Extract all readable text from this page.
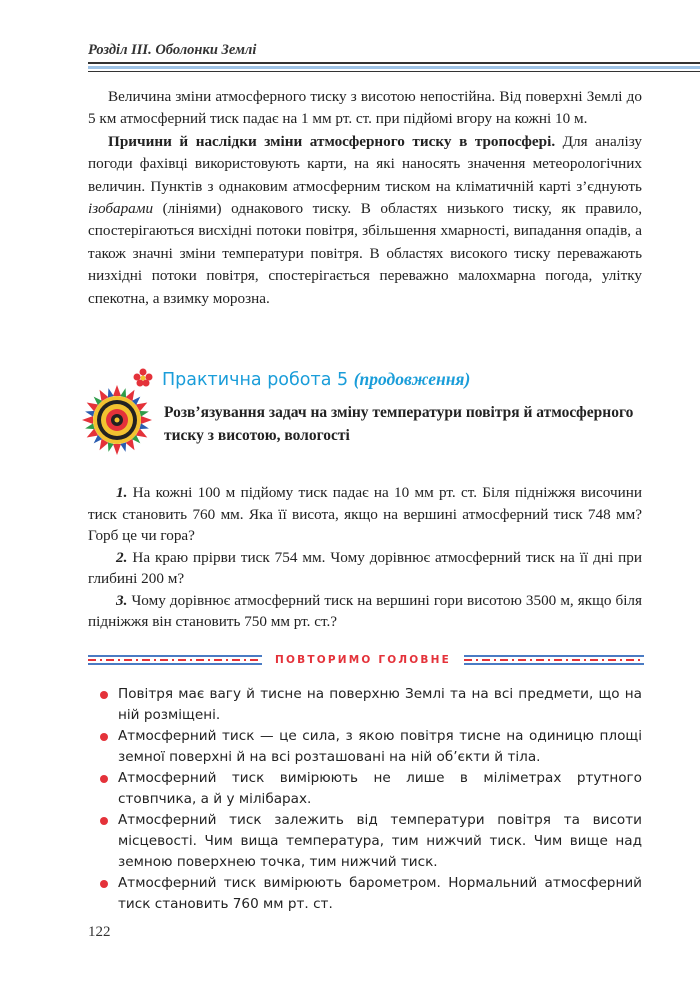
Розділ III. Оболонки Землі

Величина зміни атмосферного тиску з висотою непостійна. Від поверхні Землі до 5 км атмосферний тиск падає на 1 мм рт. ст. при підйомі вгору на кожні 10 м.

Причини й наслідки зміни атмосферного тиску в тропосфері. Для аналізу погоди фахівці використовують карти, на які наносять значення метеорологічних величин. Пунктів з однаковим атмосферним тиском на кліматичній карті з’єднують ізобарами (лініями) однакового тиску. В областях низького тиску, як правило, спостерігаються висхідні потоки повітря, збільшення хмарності, випадання опадів, а також значні зміни температури повітря. В областях високого тиску переважають низхідні потоки повітря, спостерігається переважно малохмарна погода, улітку спекотна, а взимку морозна.

Практична робота 5 (продовження)
Розв’язування задач на зміну температури повітря й атмосферного тиску з висотою, вологості

1. На кожні 100 м підйому тиск падає на 10 мм рт. ст. Біля підніжжя височини тиск становить 760 мм. Яка її висота, якщо на вершині атмосферний тиск 748 мм? Горб це чи гора?

2. На краю прірви тиск 754 мм. Чому дорівнює атмосферний тиск на її дні при глибині 200 м?

3. Чому дорівнює атмосферний тиск на вершині гори висотою 3500 м, якщо біля підніжжя він становить 750 мм рт. ст.?

ПОВТОРИМО ГОЛОВНЕ
Повітря має вагу й тисне на поверхню Землі та на всі предмети, що на ній розміщені.
Атмосферний тиск — це сила, з якою повітря тисне на одиницю площі земної поверхні й на всі розташовані на ній об’єкти й тіла.
Атмосферний тиск вимірюють не лише в міліметрах ртутного стовпчика, а й у мілібарах.
Атмосферний тиск залежить від температури повітря та висоти місцевості. Чим вища температура, тим нижчий тиск. Чим вище над земною поверхнею точка, тим нижчий тиск.
Атмосферний тиск вимірюють барометром. Нормальний атмосферний тиск становить 760 мм рт. ст.
122
